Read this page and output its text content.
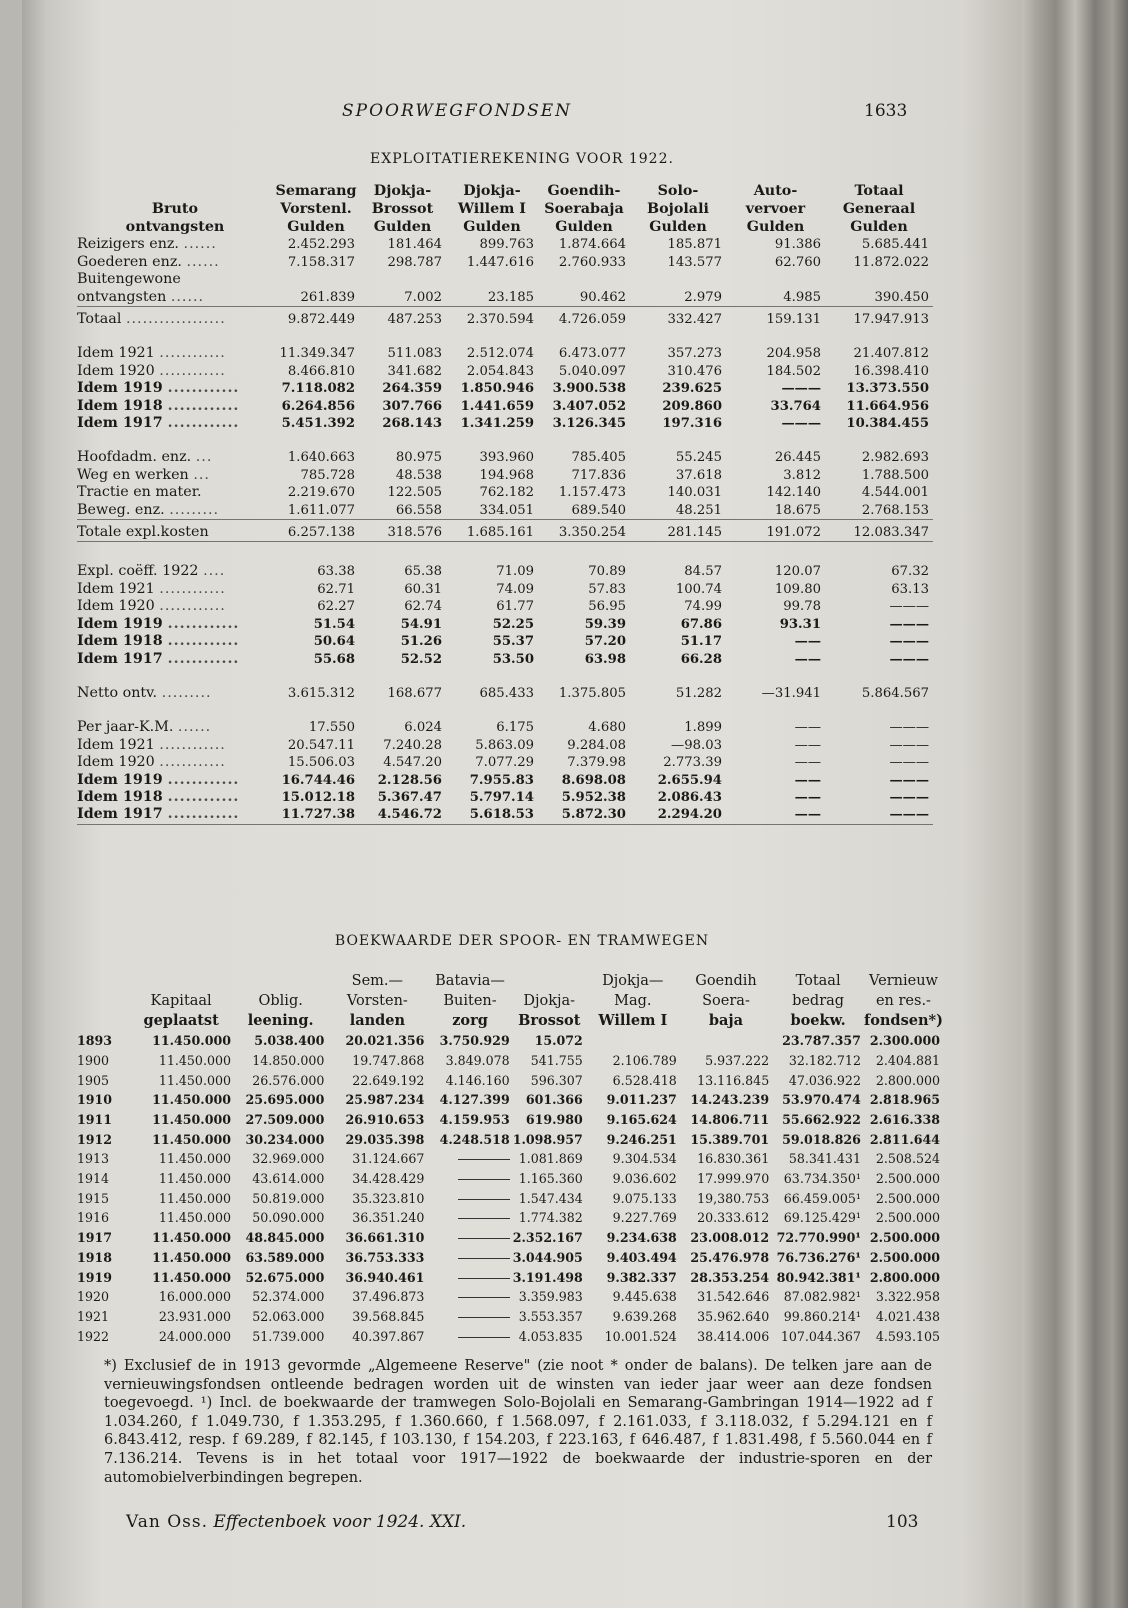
SPOORWEGFONDSEN	1633
EXPLOITATIEREKENING VOOR 1922.
	Semarang	Djokja-	Djokja-	Goendih-	Solo-	Auto-	Totaal
Bruto	Vorstenl.	Brossot	Willem I	Soerabaja	Bojolali	vervoer	Generaal
ontvangsten	Gulden	Gulden	Gulden	Gulden	Gulden	Gulden	Gulden
Reizigers enz. ......	2.452.293	181.464	899.763	1.874.664	185.871	91.386	5.685.441
Goederen enz. ......	7.158.317	298.787	1.447.616	2.760.933	143.577	62.760	11.872.022
Buitengewone							
ontvangsten ......	261.839	7.002	23.185	90.462	2.979	4.985	390.450

Totaal ..................	9.872.449	487.253	2.370.594	4.726.059	332.427	159.131	17.947.913

Idem 1921 ............	11.349.347	511.083	2.512.074	6.473.077	357.273	204.958	21.407.812
Idem 1920 ............	8.466.810	341.682	2.054.843	5.040.097	310.476	184.502	16.398.410
Idem 1919 ............	7.118.082	264.359	1.850.946	3.900.538	239.625	———	13.373.550
Idem 1918 ............	6.264.856	307.766	1.441.659	3.407.052	209.860	33.764	11.664.956
Idem 1917 ............	5.451.392	268.143	1.341.259	3.126.345	197.316	———	10.384.455

Hoofdadm. enz. ...	1.640.663	80.975	393.960	785.405	55.245	26.445	2.982.693
Weg en werken ...	785.728	48.538	194.968	717.836	37.618	3.812	1.788.500
Tractie en mater.	2.219.670	122.505	762.182	1.157.473	140.031	142.140	4.544.001
Beweg. enz. .........	1.611.077	66.558	334.051	689.540	48.251	18.675	2.768.153

Totale expl.kosten	6.257.138	318.576	1.685.161	3.350.254	281.145	191.072	12.083.347

Expl. coëff. 1922 ....	63.38	65.38	71.09	70.89	84.57	120.07	67.32
Idem 1921 ............	62.71	60.31	74.09	57.83	100.74	109.80	63.13
Idem 1920 ............	62.27	62.74	61.77	56.95	74.99	99.78	———
Idem 1919 ............	51.54	54.91	52.25	59.39	67.86	93.31	———
Idem 1918 ............	50.64	51.26	55.37	57.20	51.17	——	———
Idem 1917 ............	55.68	52.52	53.50	63.98	66.28	——	———

Netto ontv. .........	3.615.312	168.677	685.433	1.375.805	51.282	—31.941	5.864.567

Per jaar-K.M. ......	17.550	6.024	6.175	4.680	1.899	——	———
Idem 1921 ............	20.547.11	7.240.28	5.863.09	9.284.08	—98.03	——	———
Idem 1920 ............	15.506.03	4.547.20	7.077.29	7.379.98	2.773.39	——	———
Idem 1919 ............	16.744.46	2.128.56	7.955.83	8.698.08	2.655.94	——	———
Idem 1918 ............	15.012.18	5.367.47	5.797.14	5.952.38	2.086.43	——	———
Idem 1917 ............	11.727.38	4.546.72	5.618.53	5.872.30	2.294.20	——	———

BOEKWAARDE DER SPOOR- EN TRAMWEGEN
			Sem.—	Batavia—		Djokja—	Goendih	Totaal	Vernieuw
	Kapitaal	Oblig.	Vorsten-	Buiten-	Djokja-	Mag.	Soera-	bedrag	en res.-
	geplaatst	leening.	landen	zorg	Brossot	Willem I	baja	boekw.	fondsen*)
1893	11.450.000	5.038.400	20.021.356	3.750.929	15.072			23.787.357	2.300.000
1900	11.450.000	14.850.000	19.747.868	3.849.078	541.755	2.106.789	5.937.222	32.182.712	2.404.881
1905	11.450.000	26.576.000	22.649.192	4.146.160	596.307	6.528.418	13.116.845	47.036.922	2.800.000
1910	11.450.000	25.695.000	25.987.234	4.127.399	601.366	9.011.237	14.243.239	53.970.474	2.818.965
1911	11.450.000	27.509.000	26.910.653	4.159.953	619.980	9.165.624	14.806.711	55.662.922	2.616.338
1912	11.450.000	30.234.000	29.035.398	4.248.518	1.098.957	9.246.251	15.389.701	59.018.826	2.811.644
1913	11.450.000	32.969.000	31.124.667		1.081.869	9.304.534	16.830.361	58.341.431	2.508.524
1914	11.450.000	43.614.000	34.428.429		1.165.360	9.036.602	17.999.970	63.734.350¹	2.500.000
1915	11.450.000	50.819.000	35.323.810		1.547.434	9.075.133	19,380.753	66.459.005¹	2.500.000
1916	11.450.000	50.090.000	36.351.240		1.774.382	9.227.769	20.333.612	69.125.429¹	2.500.000
1917	11.450.000	48.845.000	36.661.310		2.352.167	9.234.638	23.008.012	72.770.990¹	2.500.000
1918	11.450.000	63.589.000	36.753.333		3.044.905	9.403.494	25.476.978	76.736.276¹	2.500.000
1919	11.450.000	52.675.000	36.940.461		3.191.498	9.382.337	28.353.254	80.942.381¹	2.800.000
1920	16.000.000	52.374.000	37.496.873		3.359.983	9.445.638	31.542.646	87.082.982¹	3.322.958
1921	23.931.000	52.063.000	39.568.845		3.553.357	9.639.268	35.962.640	99.860.214¹	4.021.438
1922	24.000.000	51.739.000	40.397.867		4.053.835	10.001.524	38.414.006	107.044.367	4.593.105
*) Exclusief de in 1913 gevormde „Algemeene Reserve" (zie noot * onder de balans). De telken jare aan de vernieuwingsfondsen ontleende bedragen worden uit de winsten van ieder jaar weer aan deze fondsen toegevoegd. ¹) Incl. de boekwaarde der tramwegen Solo-Bojolali en Semarang-Gambringan 1914—1922 ad f 1.034.260, f 1.049.730, f 1.353.295, f 1.360.660, f 1.568.097, f 2.161.033, f 3.118.032, f 5.294.121 en f 6.843.412, resp. f 69.289, f 82.145, f 103.130, f 154.203, f 223.163, f 646.487, f 1.831.498, f 5.560.044 en f 7.136.214. Tevens is in het totaal voor 1917—1922 de boekwaarde der industrie-sporen en der automobielverbindingen begrepen.
Van Oss. Effectenboek voor 1924. XXI.	103
